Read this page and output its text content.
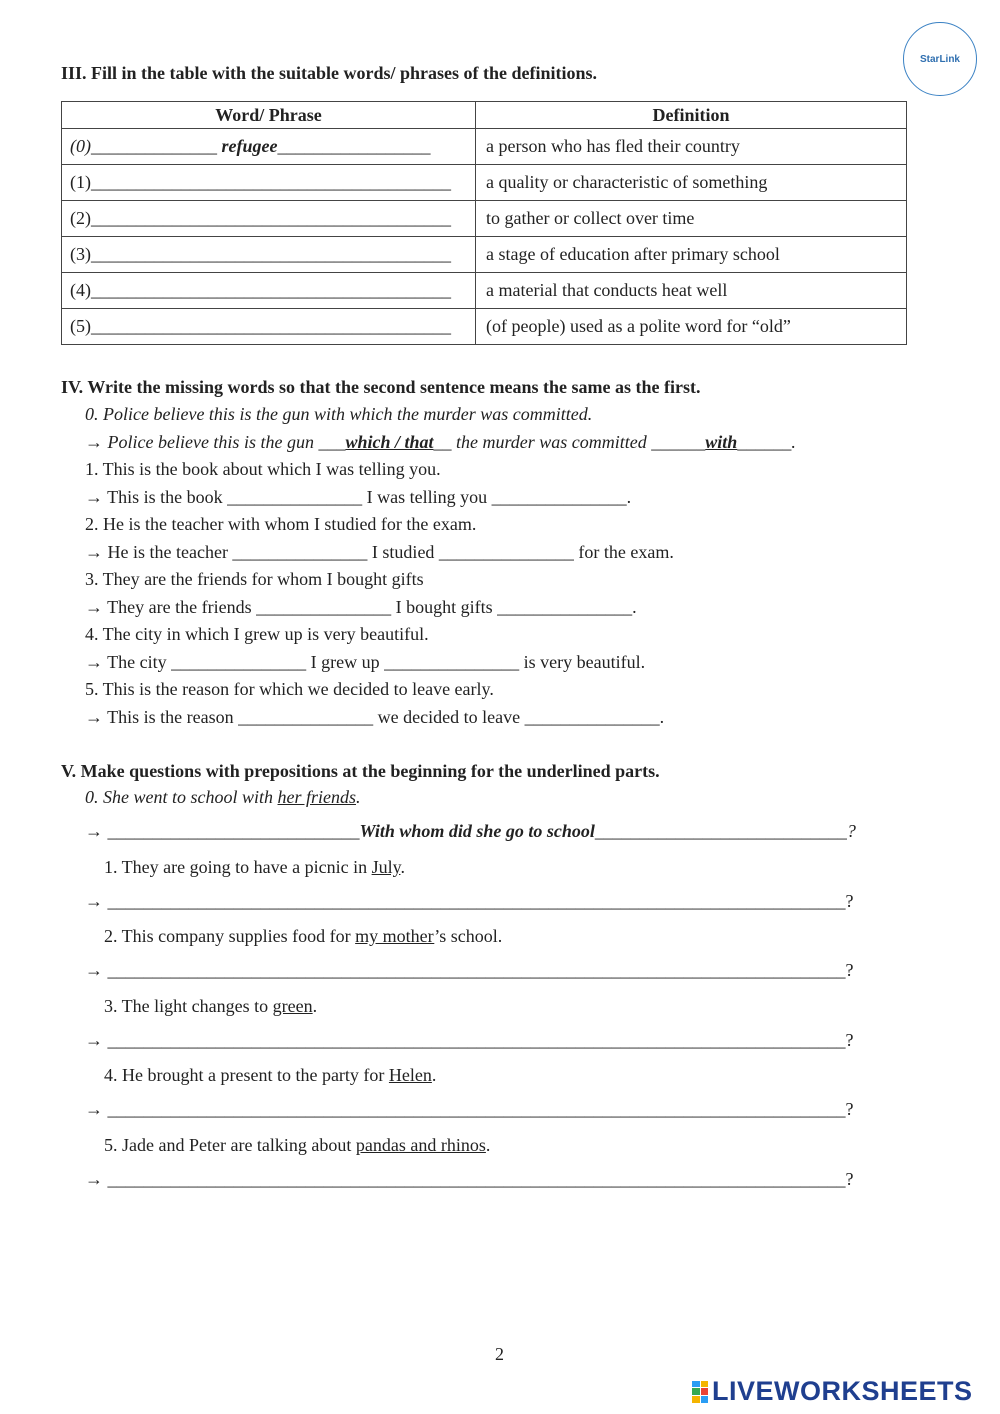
StarLink
III. Fill in the table with the suitable words/ phrases of the definitions.
Word/ Phrase	Definition
(0)______________ refugee_________________	a person who has fled their country
(1)________________________________________	a quality or characteristic of something
(2)________________________________________	to gather or collect over time
(3)________________________________________	a stage of education after primary school
(4)________________________________________	a material that conducts heat well
(5)________________________________________	(of people) used as a polite word for “old”
IV. Write the missing words so that the second sentence means the same as the first.
0. Police believe this is the gun with which the murder was committed.
→ Police believe this is the gun ___which / that__ the murder was committed ______with______.
1. This is the book about which I was telling you.
→ This is the book _______________ I was telling you _______________.
2. He is the teacher with whom I studied for the exam.
→ He is the teacher _______________ I studied _______________ for the exam.
3. They are the friends for whom I bought gifts
→ They are the friends _______________ I bought gifts _______________.
4. The city in which I grew up is very beautiful.
→ The city _______________ I grew up _______________ is very beautiful.
5. This is the reason for which we decided to leave early.
→ This is the reason _______________ we decided to leave _______________.
V. Make questions with prepositions at the beginning for the underlined parts.
0. She went to school with her friends.
→ ____________________________With whom did she go to school____________________________?
1. They are going to have a picnic in July.
→ __________________________________________________________________________________?
2. This company supplies food for my mother’s school.
→ __________________________________________________________________________________?
3. The light changes to green.
→ __________________________________________________________________________________?
4. He brought a present to the party for Helen.
→ __________________________________________________________________________________?
5. Jade and Peter are talking about pandas and rhinos.
→ __________________________________________________________________________________?
2
LIVEWORKSHEETS
